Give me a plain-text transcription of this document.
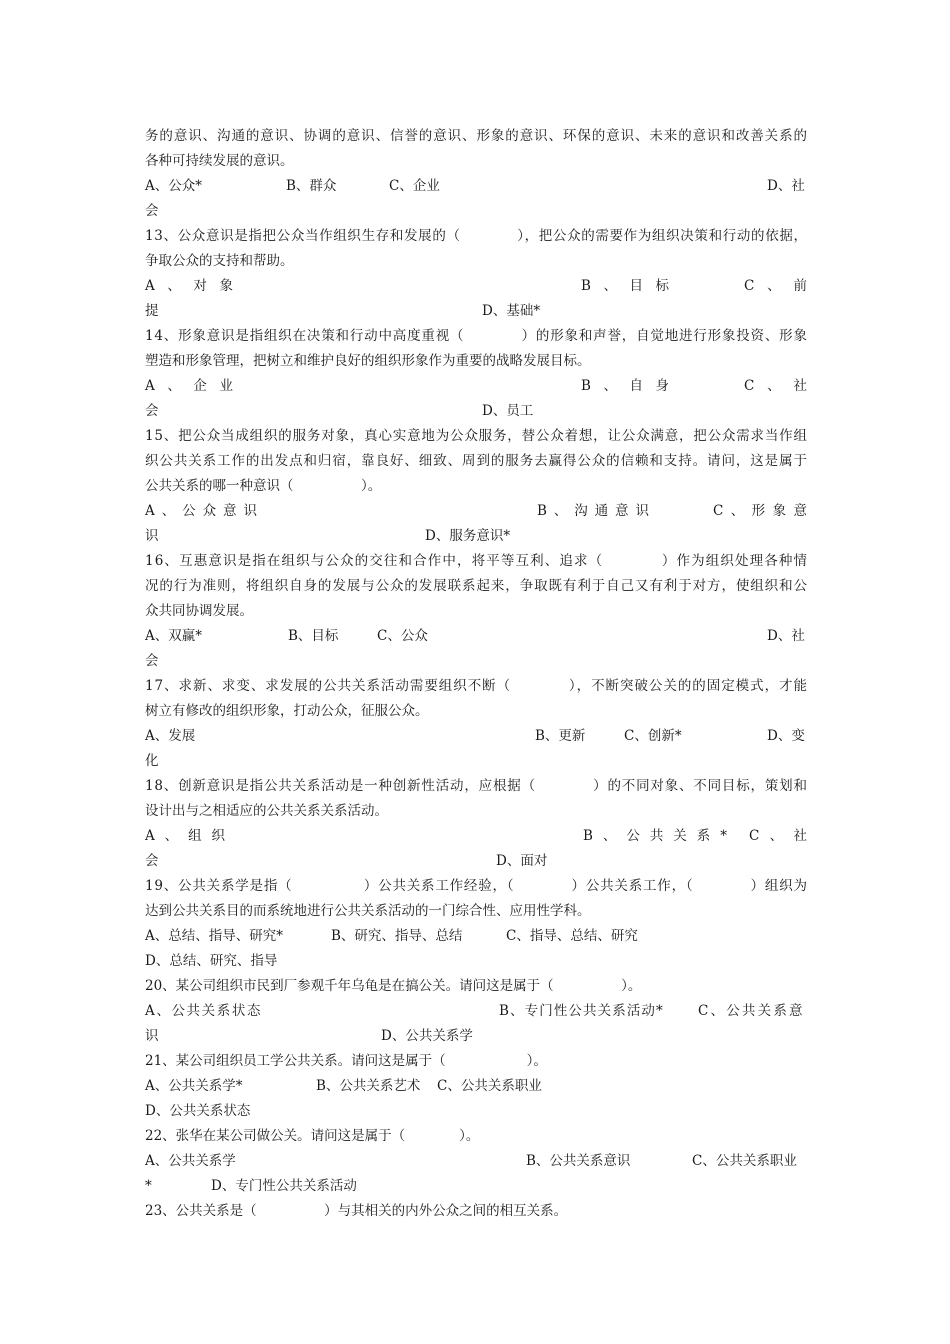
务的意识、沟通的意识、协调的意识、信誉的意识、形象的意识、环保的意识、未来的意识和改善关系的
各种可持续发展的意识。
A、公众*	B、群众	C、企业	D、社
会
13、公众意识是指把公众当作组织生存和发展的（　　　　），把公众的需要作为组织决策和行动的依据，
争取公众的支持和帮助。
A 、 对 象	B 、 目 标	C 、 前
提	D、基础*
14、形象意识是指组织在决策和行动中高度重视（　　　　）的形象和声誉，自觉地进行形象投资、形象
塑造和形象管理，把树立和维护良好的组织形象作为重要的战略发展目标。
A 、 企 业	B 、 自 身	C 、 社
会	D、员工
15、把公众当成组织的服务对象，真心实意地为公众服务，替公众着想，让公众满意，把公众需求当作组
织公共关系工作的出发点和归宿，靠良好、细致、周到的服务去赢得公众的信赖和支持。请问，这是属于
公共关系的哪一种意识（　　　　　）。
A 、 公 众 意 识	B 、 沟 通 意 识	C 、 形 象 意
识	D、服务意识*
16、互惠意识是指在组织与公众的交往和合作中，将平等互利、追求（　　　　）作为组织处理各种情
况的行为准则，将组织自身的发展与公众的发展联系起来，争取既有利于自己又有利于对方，使组织和公
众共同协调发展。
A、双赢*	B、目标	C、公众	D、社
会
17、求新、求变、求发展的公共关系活动需要组织不断（　　　　），不断突破公关的的固定模式，才能
树立有修改的组织形象，打动公众，征服公众。
A、发展	B、更新	C、创新*	D、变
化
18、创新意识是指公共关系活动是一种创新性活动，应根据（　　　　）的不同对象、不同目标，策划和
设计出与之相适应的公共关系关系活动。
A 、 组 织	B 、 公 共 关 系 * C 、 社
会	D、面对
19、公共关系学是指（　　　　　）公共关系工作经验，（　　　　）公共关系工作，（　　　　）组织为
达到公共关系目的而系统地进行公共关系活动的一门综合性、应用性学科。
A、总结、指导、研究*	B、研究、指导、总结	C、指导、总结、研究
D、总结、研究、指导
20、某公司组织市民到厂参观千年乌龟是在搞公关。请问这是属于（　　　　　）。
A、公共关系状态	B、专门性公共关系活动*	C、公共关系意
识	D、公共关系学
21、某公司组织员工学公共关系。请问这是属于（　　　　　　）。
A、公共关系学*	B、公共关系艺术 C、公共关系职业
D、公共关系状态
22、张华在某公司做公关。请问这是属于（　　　　）。
A、公共关系学	B、公共关系意识	C、公共关系职业
*	D、专门性公共关系活动
23、公共关系是（　　　　　）与其相关的内外公众之间的相互关系。
